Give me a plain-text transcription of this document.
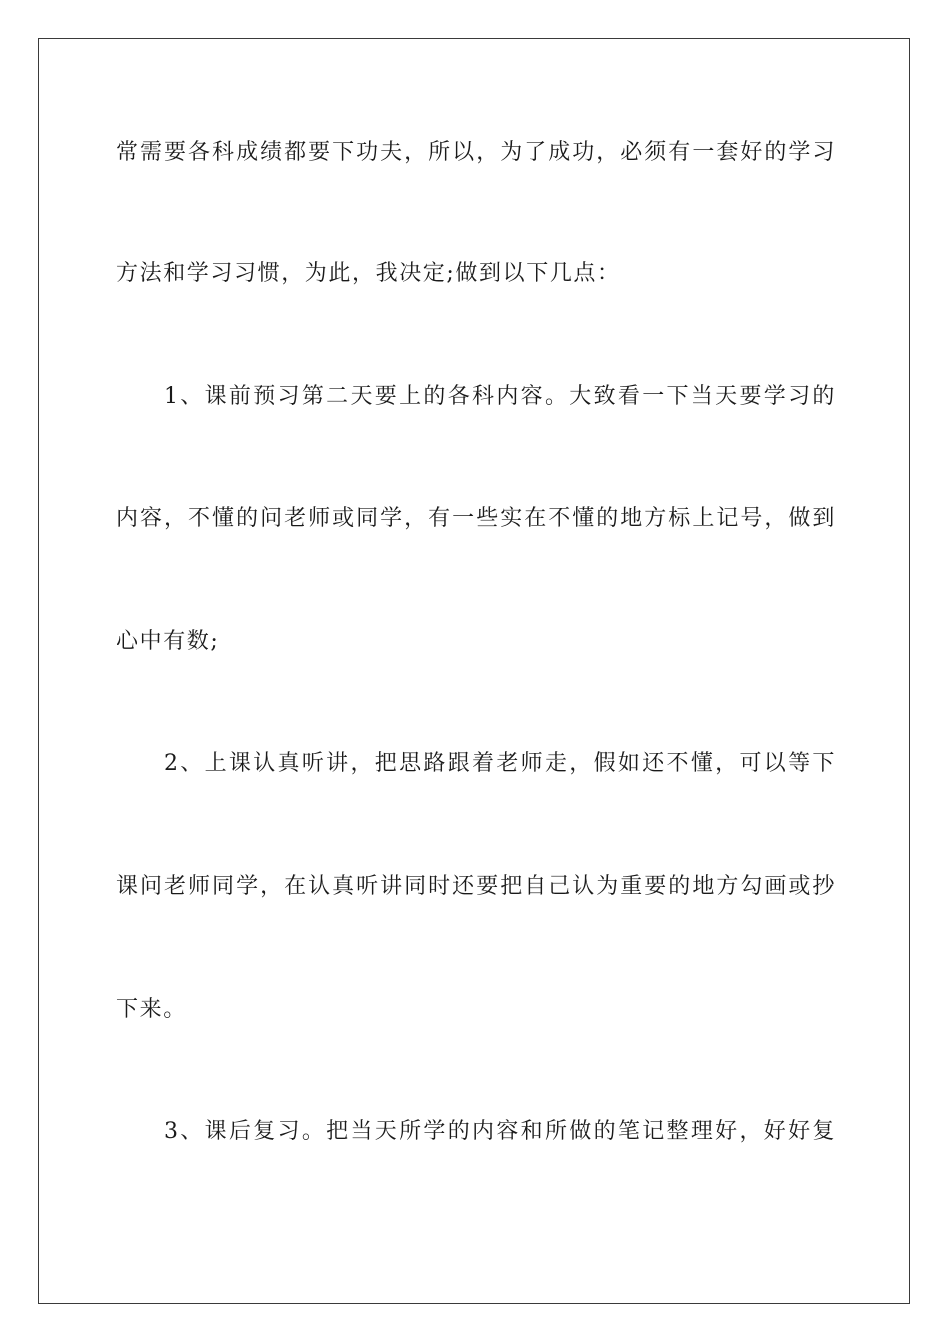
常需要各科成绩都要下功夫，所以，为了成功，必须有一套好的学习
方法和学习习惯，为此，我决定;做到以下几点：
1、课前预习第二天要上的各科内容。大致看一下当天要学习的
内容，不懂的问老师或同学，有一些实在不懂的地方标上记号，做到
心中有数;
2、上课认真听讲，把思路跟着老师走，假如还不懂，可以等下
课问老师同学，在认真听讲同时还要把自己认为重要的地方勾画或抄
下来。
3、课后复习。把当天所学的内容和所做的笔记整理好，好好复
